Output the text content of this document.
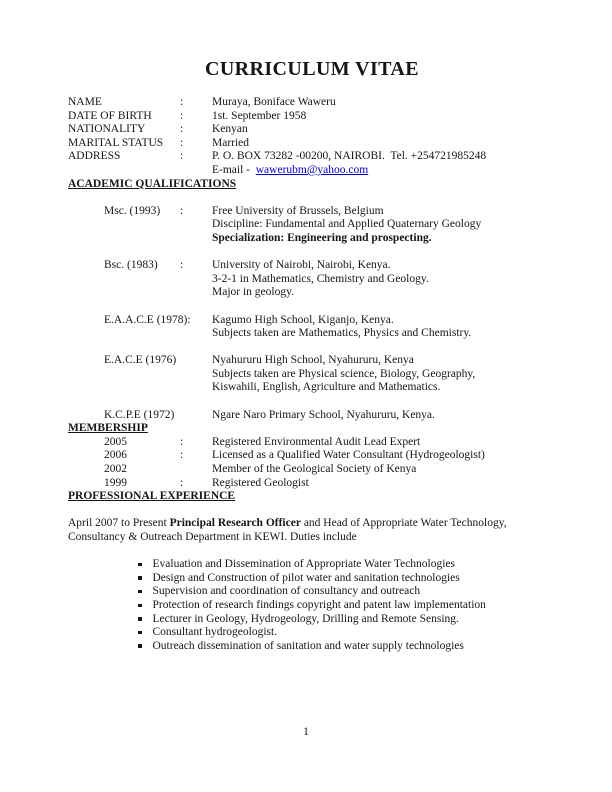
CURRICULUM VITAE
NAME	:	Muraya, Boniface Waweru
DATE OF BIRTH	:	1st. September 1958
NATIONALITY	:	Kenyan
MARITAL STATUS	:	Married
ADDRESS	:	P. O. BOX 73282 -00200, NAIROBI.  Tel. +254721985248
E-mail -  wawerubm@yahoo.com
ACADEMIC QUALIFICATIONS
Msc. (1993)	:	Free University of Brussels, Belgium
Discipline: Fundamental and Applied Quaternary Geology
Specialization: Engineering and prospecting.
Bsc. (1983)	:	University of Nairobi, Nairobi, Kenya.
3-2-1 in Mathematics, Chemistry and Geology.
Major in geology.
E.A.A.C.E (1978): Kagumo High School, Kiganjo, Kenya.
Subjects taken are Mathematics, Physics and Chemistry.
E.A.C.E (1976)	Nyahururu High School, Nyahururu, Kenya
Subjects taken are Physical science, Biology, Geography,
Kiswahili, English, Agriculture and Mathematics.
K.C.P.E (1972)	Ngare Naro Primary School, Nyahururu, Kenya.
MEMBERSHIP
2005	:	Registered Environmental Audit Lead Expert
2006	:	Licensed as a Qualified Water Consultant (Hydrogeologist)
2002	Member of the Geological Society of Kenya
1999	:	Registered Geologist
PROFESSIONAL EXPERIENCE
April 2007 to Present Principal Research Officer and Head of Appropriate Water Technology, Consultancy & Outreach Department in KEWI. Duties include
Evaluation and Dissemination of Appropriate Water Technologies
Design and Construction of pilot water and sanitation technologies
Supervision and coordination of consultancy and outreach
Protection of research findings copyright and patent law implementation
Lecturer in Geology, Hydrogeology, Drilling and Remote Sensing.
Consultant hydrogeologist.
Outreach dissemination of sanitation and water supply technologies
1
